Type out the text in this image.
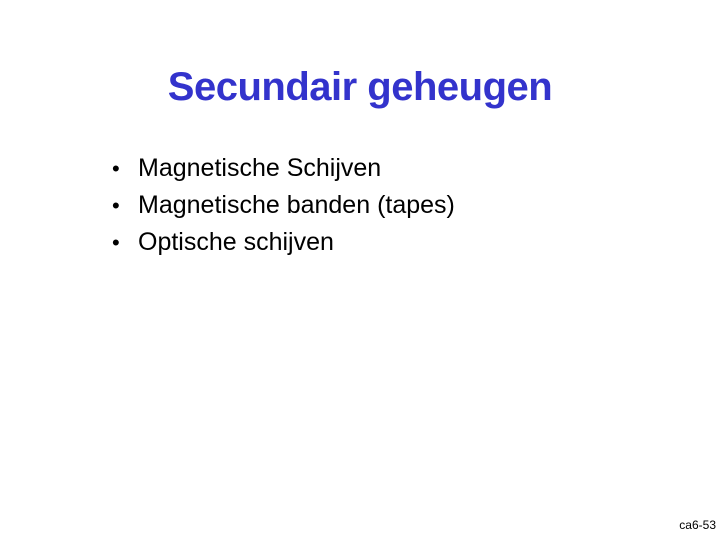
Secundair geheugen
• Magnetische Schijven
• Magnetische banden (tapes)
• Optische schijven
ca6-53
